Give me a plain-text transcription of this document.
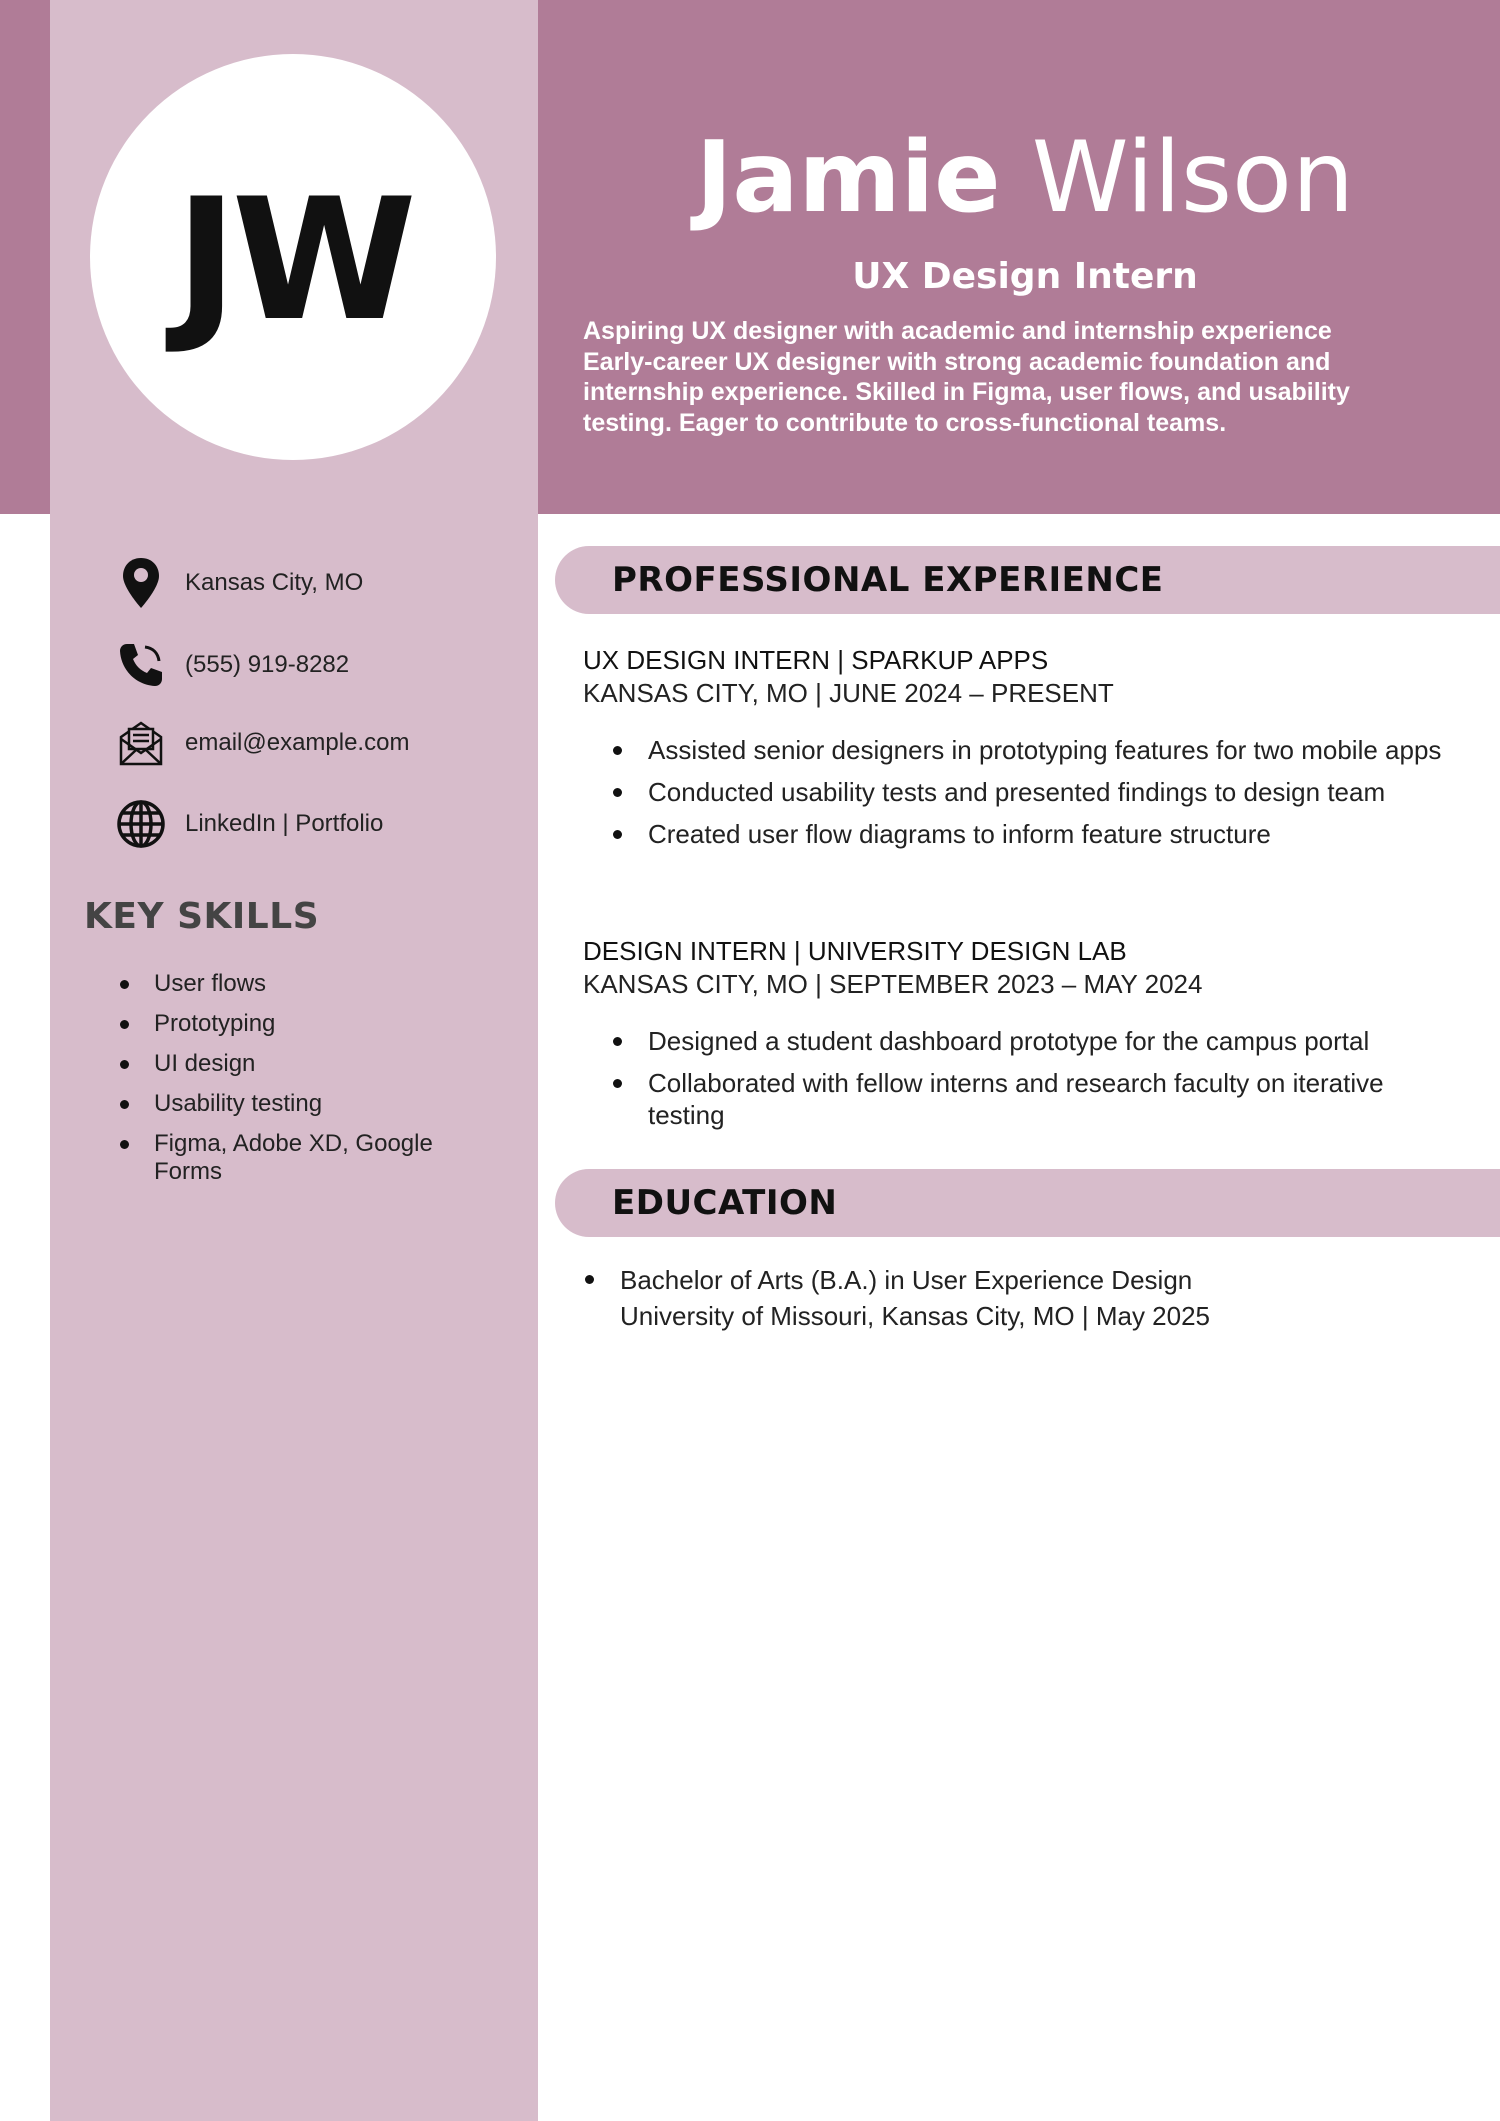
JW	Jamie Wilson
UX Design Intern
Aspiring UX designer with academic and internship experience
Early-career UX designer with strong academic foundation and
internship experience. Skilled in Figma, user flows, and usability
testing. Eager to contribute to cross-functional teams.
Kansas City, MO
(555) 919-8282
email@example.com
LinkedIn | Portfolio
KEY SKILLS
User flows
Prototyping
UI design
Usability testing
Figma, Adobe XD, Google Forms
PROFESSIONAL EXPERIENCE
UX DESIGN INTERN | SPARKUP APPS
KANSAS CITY, MO | JUNE 2024 – PRESENT
Assisted senior designers in prototyping features for two mobile apps
Conducted usability tests and presented findings to design team
Created user flow diagrams to inform feature structure
DESIGN INTERN | UNIVERSITY DESIGN LAB
KANSAS CITY, MO | SEPTEMBER 2023 – MAY 2024
Designed a student dashboard prototype for the campus portal
Collaborated with fellow interns and research faculty on iterative testing
EDUCATION
Bachelor of Arts (B.A.) in User Experience Design
University of Missouri, Kansas City, MO | May 2025
